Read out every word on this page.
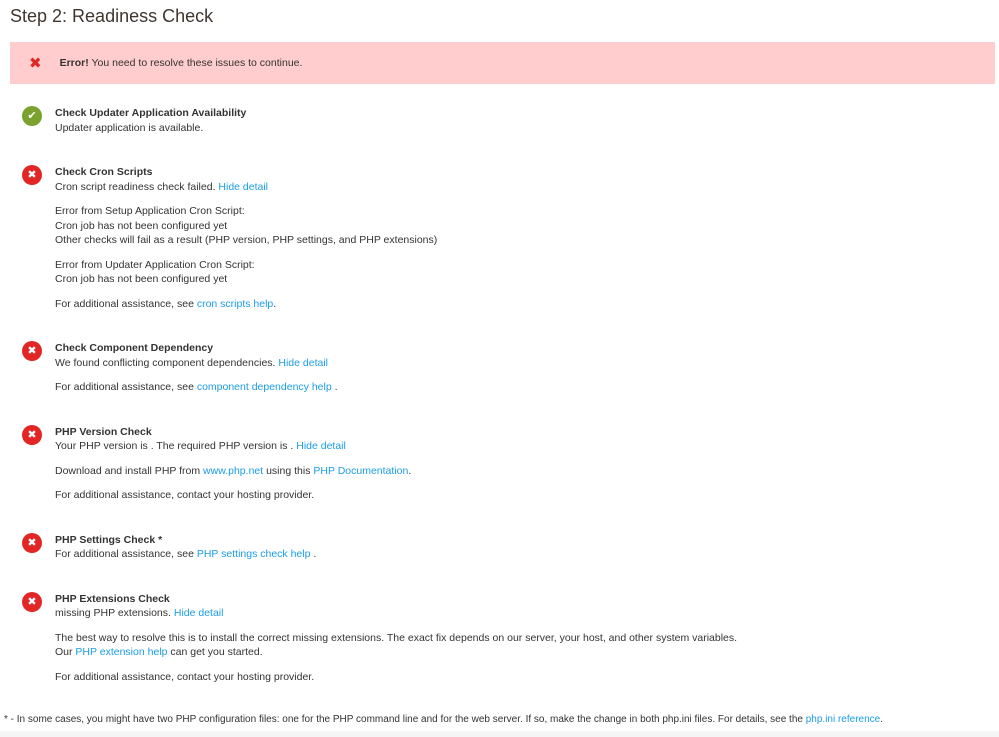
Step 2: Readiness Check
✖ Error! You need to resolve these issues to continue.
✔	Check Updater Application Availability
Updater application is available.
✖	Check Cron Scripts
Cron script readiness check failed. Hide detail
Error from Setup Application Cron Script:
Cron job has not been configured yet
Other checks will fail as a result (PHP version, PHP settings, and PHP extensions)
Error from Updater Application Cron Script:
Cron job has not been configured yet
For additional assistance, see cron scripts help.
✖	Check Component Dependency
We found conflicting component dependencies. Hide detail
For additional assistance, see component dependency help .
✖	PHP Version Check
Your PHP version is . The required PHP version is . Hide detail
Download and install PHP from www.php.net using this PHP Documentation.
For additional assistance, contact your hosting provider.
✖	PHP Settings Check *
For additional assistance, see PHP settings check help .
✖	PHP Extensions Check
missing PHP extensions. Hide detail
The best way to resolve this is to install the correct missing extensions. The exact fix depends on our server, your host, and other system variables.
Our PHP extension help can get you started.
For additional assistance, contact your hosting provider.
* - In some cases, you might have two PHP configuration files: one for the PHP command line and for the web server. If so, make the change in both php.ini files. For details, see the php.ini reference.
